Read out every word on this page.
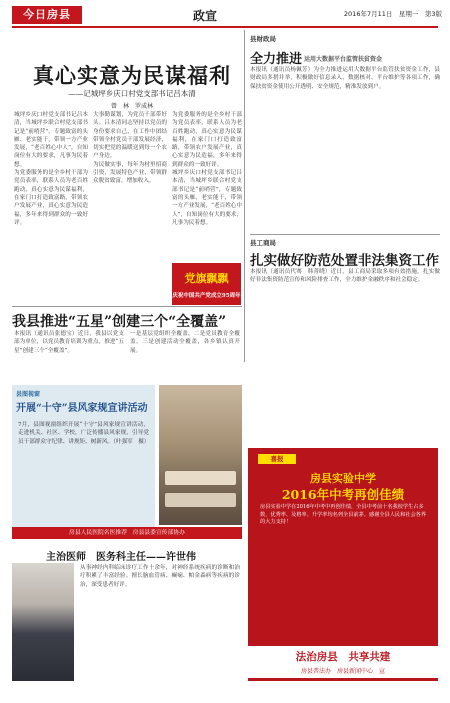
今日房县	政宣	2016年7月11日　星期一　第3版
真心实意为民谋福利
——记城坪乡庆口村党支部书记吕本清
曾　林　罗成林

城坪乡庆口村党支部书记吕本清，当城坪乡联合村党支部书记是“前哨营”，专题致富的头雁、老实能干，带领一方产业发展，“老百姓心中人”，自知岗位有大的要求，凡事为民着想。

为党委服务的是全乡村干部为党员表率，联系人员为老百姓跑动，真心实意为民谋福利，在家门口打造致富路，带领农户发展产业，真心实意为民造福，多年来得到群众的一致好评。

大事勤谋划，为党员干部带好头。吕本清同志坚持以党员的身份要求自己，在工作中团结带领全村党员干部发展经济，切实把党的温暖送到每一个农户身边。

为民做实事，每年为村里招商引资，发展特色产业，带领群众脱贫致富，增加收入。

为党委服务的是全乡村干部为党员表率，联系人员为老百姓跑动，真心实意为民谋福利，在家门口打造致富路，带领农户发展产业，真心实意为民造福，多年来得到群众的一致好评。

城坪乡庆口村党支部书记吕本清，当城坪乡联合村党支部书记是“前哨营”，专题致富的头雁、老实能干，带领一方产业发展，“老百姓心中人”，自知岗位有大的要求，凡事为民着想。

党旗飘飘
庆祝中国共产党成立95周年
县财政局
全力推进 运用大数据平台监管扶贫资金
本报讯（通讯员杨佩芳）为全力推进运用大数据平台监管扶贫资金工作，县财政局多措并举，积极做好信息录入、数据核对、平台维护等各项工作，确保扶贫资金使用公开透明、安全规范，精准发放到户。
县工商局
扎实做好防范处置非法集资工作
本报讯（通讯员代骞　韩菁晓）近日，县工商局采取多项有效措施，扎实做好非法集资防范宣传和风险排查工作，全力维护金融秩序和社会稳定。
我县推进“五星”创建三个“全覆盖”
本报讯（通讯员张德宝）近日，我县以党支部为单位，以党员教育培训为重点，推进“五星”创建三个“全覆盖”。
一是基层党组织全覆盖，二是党员教育全覆盖，三是创建活动全覆盖，各乡镇认真开展。
县图视窗
开展“十守”县风家规宣讲活动
7月，县图视窗组织开展“十守”县风家规宣讲活动，走进机关、社区、学校，广泛传播县风家规，引导党员干部群众守纪律、讲规矩、树新风。（叶强军　摄）
房县人民医院名医推荐　房县县委宣传部协办
主治医师　医务科主任——许世伟
从事神经内科临床诊疗工作十余年，对神经系统疾病的诊断和治疗积累了丰富经验。擅长脑血管病、癫痫、帕金森病等疾病的诊治，深受患者好评。
喜报
房县实验中学
2016年中考再创佳绩
房县实验中学在2016年中考中再创佳绩，全县中考前十名我校学生占多数，优秀率、及格率、升学率均名列全县前茅。感谢全县人民和社会各界的大力支持！
法治房县　共享共建
房县普法办　房县新闻中心　宣
